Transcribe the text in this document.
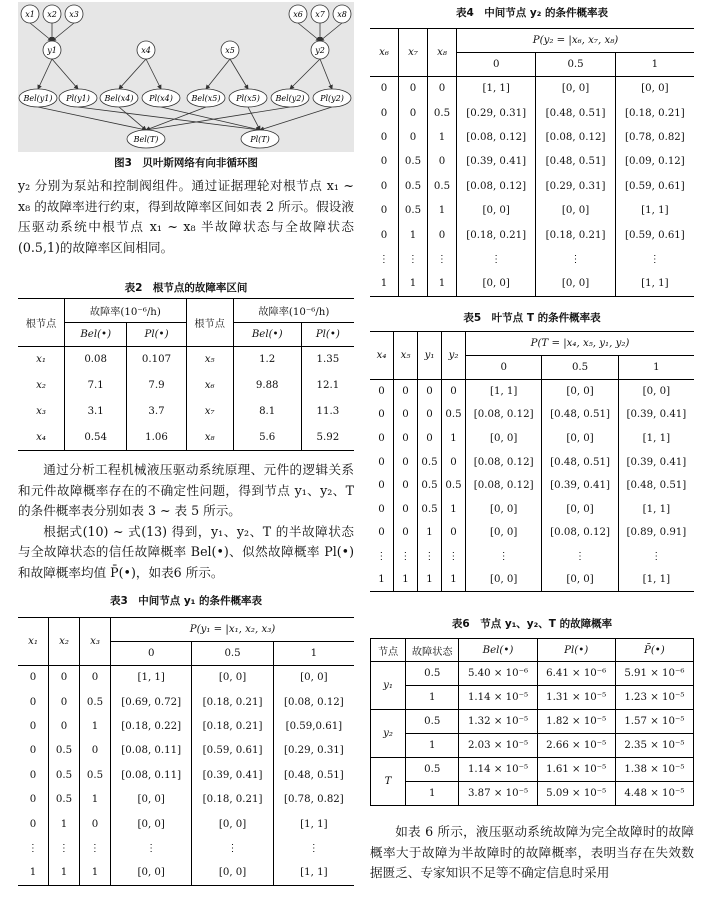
x1 x2 x3	x6 x7 x8
y1	x4	x5	y2
Bel(y1) Pl(y1) Bel(x4) Pl(x4) Bel(x5) Pl(x5) Bel(y2) Pl(y2)
Bel(T)	Pl(T)
图3　贝叶斯网络有向非循环图

y₂ 分别为泵站和控制阀组件。通过证据理轮对根节点 x₁ ~ x₈ 的故障率进行约束，得到故障率区间如表 2 所示。假设液压驱动系统中根节点 x₁ ~ x₈ 半故障状态与全故障状态(0.5,1)的故障率区间相同。

表2　根节点的故障率区间
根节点	故障率(10⁻⁶/h)		根节点	故障率(10⁻⁶/h)	
	Bel(•)	Pl(•)		Bel(•)	Pl(•)
x₁	0.08	0.107	x₅	1.2	1.35
x₂	7.1	7.9	x₆	9.88	12.1
x₃	3.1	3.7	x₇	8.1	11.3
x₄	0.54	1.06	x₈	5.6	5.92

通过分析工程机械液压驱动系统原理、元件的逻辑关系和元件故障概率存在的不确定性问题，得到节点 y₁、y₂、T 的条件概率表分别如表 3 ~ 表 5 所示。

根据式(10) ~ 式(13) 得到，y₁、y₂、T 的半故障状态与全故障状态的信任故障概率 Bel(•)、似然故障概率 Pl(•) 和故障概率均值 P̄(•)，如表6 所示。

表3　中间节点 y₁ 的条件概率表
x₁	x₂	x₃	P(y₁ = |x₁, x₂, x₃)		
			0	0.5	1
0	0	0	[1, 1]	[0, 0]	[0, 0]
0	0	0.5	[0.69, 0.72]	[0.18, 0.21]	[0.08, 0.12]
0	0	1	[0.18, 0.22]	[0.18, 0.21]	[0.59,0.61]
0	0.5	0	[0.08, 0.11]	[0.59, 0.61]	[0.29, 0.31]
0	0.5	0.5	[0.08, 0.11]	[0.39, 0.41]	[0.48, 0.51]
0	0.5	1	[0, 0]	[0.18, 0.21]	[0.78, 0.82]
0	1	0	[0, 0]	[0, 0]	[1, 1]
⋮	⋮	⋮	⋮	⋮	⋮
1	1	1	[0, 0]	[0, 0]	[1, 1]
表4　中间节点 y₂ 的条件概率表
x₆	x₇	x₈	P(y₂ = |x₆, x₇, x₈)		
			0	0.5	1
0	0	0	[1, 1]	[0, 0]	[0, 0]
0	0	0.5	[0.29, 0.31]	[0.48, 0.51]	[0.18, 0.21]
0	0	1	[0.08, 0.12]	[0.08, 0.12]	[0.78, 0.82]
0	0.5	0	[0.39, 0.41]	[0.48, 0.51]	[0.09, 0.12]
0	0.5	0.5	[0.08, 0.12]	[0.29, 0.31]	[0.59, 0.61]
0	0.5	1	[0, 0]	[0, 0]	[1, 1]
0	1	0	[0.18, 0.21]	[0.18, 0.21]	[0.59, 0.61]
⋮	⋮	⋮	⋮	⋮	⋮
1	1	1	[0, 0]	[0, 0]	[1, 1]
表5　叶节点 T 的条件概率表
x₄	x₅	y₁	y₂	P(T = |x₄, x₅, y₁, y₂)		
				0	0.5	1
0	0	0	0	[1, 1]	[0, 0]	[0, 0]
0	0	0	0.5	[0.08, 0.12]	[0.48, 0.51]	[0.39, 0.41]
0	0	0	1	[0, 0]	[0, 0]	[1, 1]
0	0	0.5	0	[0.08, 0.12]	[0.48, 0.51]	[0.39, 0.41]
0	0	0.5	0.5	[0.08, 0.12]	[0.39, 0.41]	[0.48, 0.51]
0	0	0.5	1	[0, 0]	[0, 0]	[1, 1]
0	0	1	0	[0, 0]	[0.08, 0.12]	[0.89, 0.91]
⋮	⋮	⋮	⋮	⋮	⋮	⋮
1	1	1	1	[0, 0]	[0, 0]	[1, 1]
表6　节点 y₁、y₂、T 的故障概率
节点	故障状态	Bel(•)	Pl(•)	P̄(•)
y₁	0.5	5.40 × 10⁻⁶	6.41 × 10⁻⁶	5.91 × 10⁻⁶
	1	1.14 × 10⁻⁵	1.31 × 10⁻⁵	1.23 × 10⁻⁵
y₂	0.5	1.32 × 10⁻⁵	1.82 × 10⁻⁵	1.57 × 10⁻⁵
	1	2.03 × 10⁻⁵	2.66 × 10⁻⁵	2.35 × 10⁻⁵
T	0.5	1.14 × 10⁻⁵	1.61 × 10⁻⁵	1.38 × 10⁻⁵
	1	3.87 × 10⁻⁵	5.09 × 10⁻⁵	4.48 × 10⁻⁵

如表 6 所示，液压驱动系统故障为完全故障时的故障概率大于故障为半故障时的故障概率，表明当存在失效数据匮乏、专家知识不足等不确定信息时采用
